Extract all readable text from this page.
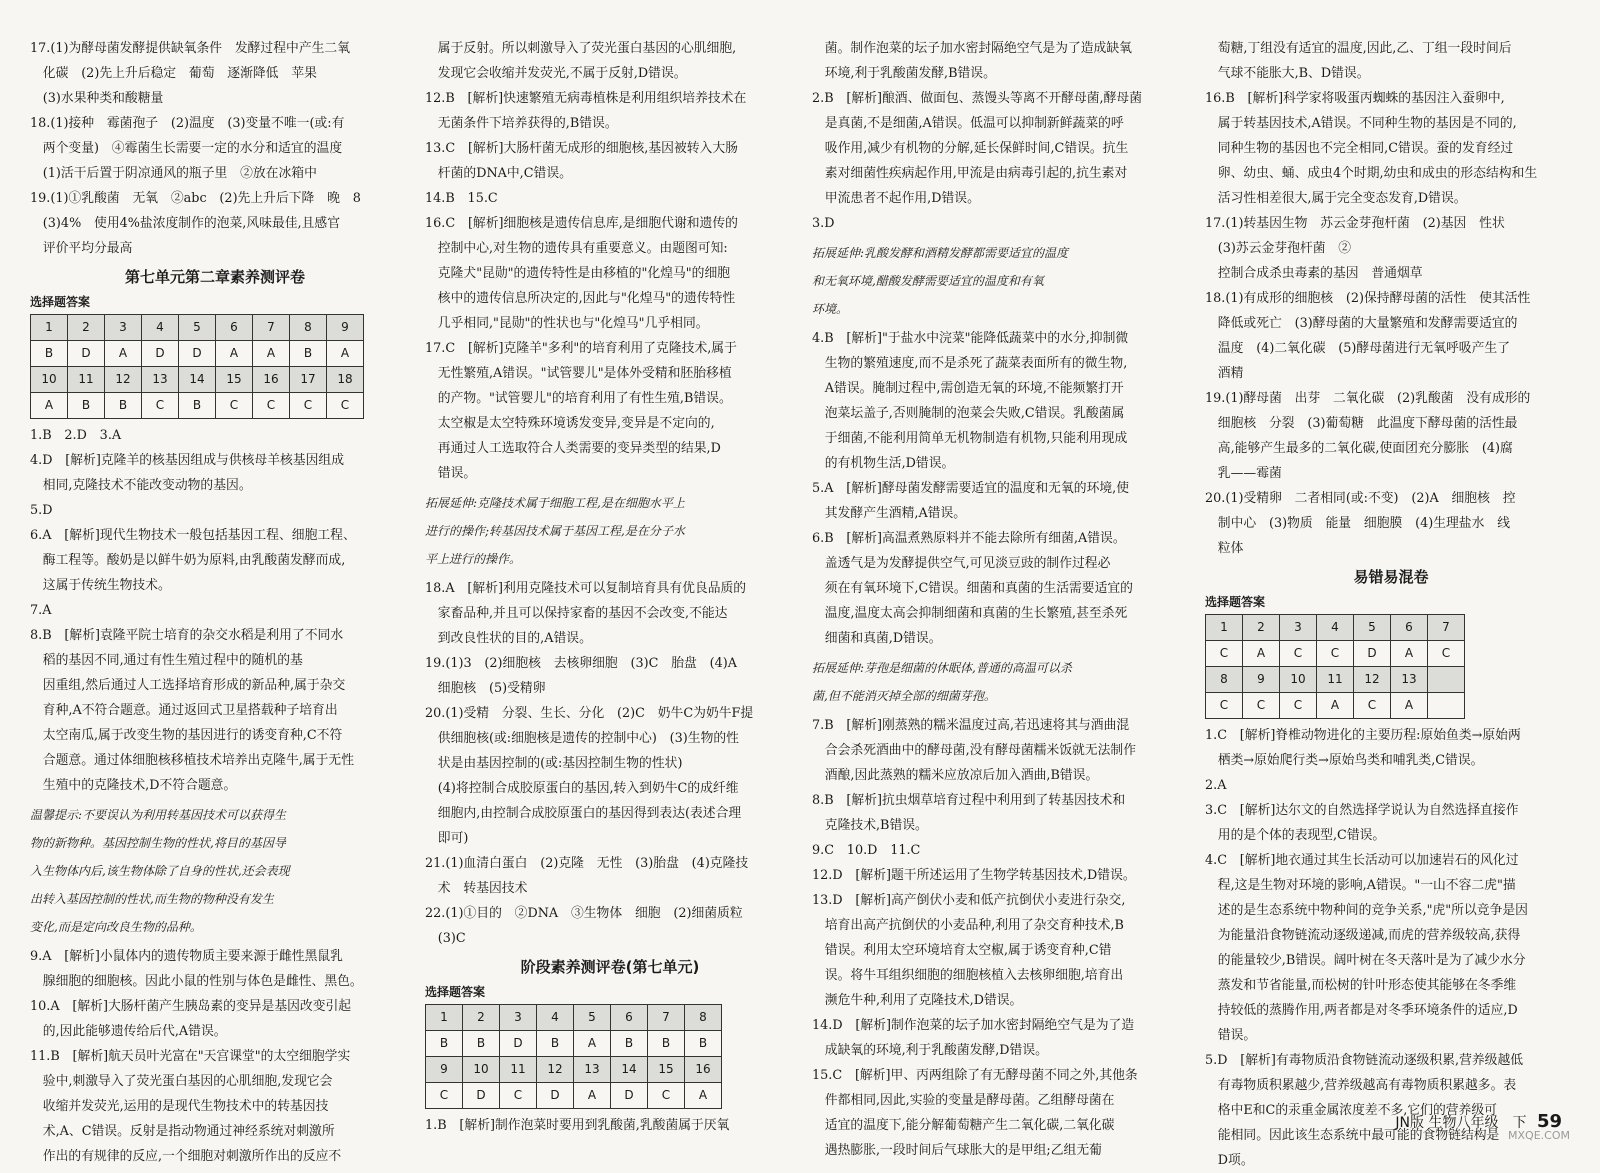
17.(1)为酵母菌发酵提供缺氧条件　发酵过程中产生二氧
　化碳　(2)先上升后稳定　葡萄　逐渐降低　苹果
　(3)水果种类和酸糖量
18.(1)接种　霉菌孢子　(2)温度　(3)变量不唯一(或:有
　两个变量)　④霉菌生长需要一定的水分和适宜的温度
　(1)活干后置于阴凉通风的瓶子里　②放在冰箱中
19.(1)①乳酸菌　无氧　②abc　(2)先上升后下降　晚　8
　(3)4%　使用4%盐浓度制作的泡菜,风味最佳,且感官
　评价平均分最高
第七单元第二章素养测评卷
选择题答案
1	2	3	4	5	6	7	8	9
B	D	A	D	D	A	A	B	A
10	11	12	13	14	15	16	17	18
A	B	B	C	B	C	C	C	C
1.B　2.D　3.A
4.D　[解析]克隆羊的核基因组成与供核母羊核基因组成
　相同,克隆技术不能改变动物的基因。
5.D
6.A　[解析]现代生物技术一般包括基因工程、细胞工程、
　酶工程等。酸奶是以鲜牛奶为原料,由乳酸菌发酵而成,
　这属于传统生物技术。
7.A
8.B　[解析]袁隆平院士培育的杂交水稻是利用了不同水
　稻的基因不同,通过有性生殖过程中的随机的基
　因重组,然后通过人工选择培育形成的新品种,属于杂交
　育种,A不符合题意。通过返回式卫星搭载种子培育出
　太空南瓜,属于改变生物的基因进行的诱变育种,C不符
　合题意。通过体细胞核移植技术培养出克隆牛,属于无性
　生殖中的克隆技术,D不符合题意。
温馨提示:不要误认为利用转基因技术可以获得生
物的新物种。基因控制生物的性状,将目的基因导
入生物体内后,该生物体除了自身的性状,还会表现
出转入基因控制的性状,而生物的物种没有发生
变化,而是定向改良生物的品种。
9.A　[解析]小鼠体内的遗传物质主要来源于雌性黑鼠乳
　腺细胞的细胞核。因此小鼠的性别与体色是雌性、黑色。
10.A　[解析]大肠杆菌产生胰岛素的变异是基因改变引起
　的,因此能够遗传给后代,A错误。
11.B　[解析]航天员叶光富在"天宫课堂"的太空细胞学实
　验中,刺激导入了荧光蛋白基因的心肌细胞,发现它会
　收缩并发荧光,运用的是现代生物技术中的转基因技
　术,A、C错误。反射是指动物通过神经系统对刺激所
　作出的有规律的反应,一个细胞对刺激所作出的反应不
　属于反射。所以刺激导入了荧光蛋白基因的心肌细胞,
　发现它会收缩并发荧光,不属于反射,D错误。
12.B　[解析]快速繁殖无病毒植株是利用组织培养技术在
　无菌条件下培养获得的,B错误。
13.C　[解析]大肠杆菌无成形的细胞核,基因被转入大肠
　杆菌的DNA中,C错误。
14.B　15.C
16.C　[解析]细胞核是遗传信息库,是细胞代谢和遗传的
　控制中心,对生物的遗传具有重要意义。由题图可知:
　克隆犬"昆勋"的遗传特性是由移植的"化煌马"的细胞
　核中的遗传信息所决定的,因此与"化煌马"的遗传特性
　几乎相同,"昆勋"的性状也与"化煌马"几乎相同。
17.C　[解析]克隆羊"多利"的培育利用了克隆技术,属于
　无性繁殖,A错误。"试管婴儿"是体外受精和胚胎移植
　的产物。"试管婴儿"的培育利用了有性生殖,B错误。
　太空椒是太空特殊环境诱发变异,变异是不定向的,
　再通过人工选取符合人类需要的变异类型的结果,D
　错误。
拓展延伸:克隆技术属于细胞工程,是在细胞水平上
进行的操作;转基因技术属于基因工程,是在分子水
平上进行的操作。
18.A　[解析]利用克隆技术可以复制培育具有优良品质的
　家畜品种,并且可以保持家畜的基因不会改变,不能达
　到改良性状的目的,A错误。
19.(1)3　(2)细胞核　去核卵细胞　(3)C　胎盘　(4)A
　细胞核　(5)受精卵
20.(1)受精　分裂、生长、分化　(2)C　奶牛C为奶牛F提
　供细胞核(或:细胞核是遗传的控制中心)　(3)生物的性
　状是由基因控制的(或:基因控制生物的性状)
　(4)将控制合成胶原蛋白的基因,转入到奶牛C的成纤维
　细胞内,由控制合成胶原蛋白的基因得到表达(表述合理
　即可)
21.(1)血清白蛋白　(2)克隆　无性　(3)胎盘　(4)克隆技
　术　转基因技术
22.(1)①目的　②DNA　③生物体　细胞　(2)细菌质粒
　(3)C
阶段素养测评卷(第七单元)
选择题答案
1	2	3	4	5	6	7	8
B	B	D	B	A	B	B	B
9	10	11	12	13	14	15	16
C	D	C	D	A	D	C	A
1.B　[解析]制作泡菜时要用到乳酸菌,乳酸菌属于厌氧
　菌。制作泡菜的坛子加水密封隔绝空气是为了造成缺氧
　环境,利于乳酸菌发酵,B错误。
2.B　[解析]酿酒、做面包、蒸馒头等离不开酵母菌,酵母菌
　是真菌,不是细菌,A错误。低温可以抑制新鲜蔬菜的呼
　吸作用,减少有机物的分解,延长保鲜时间,C错误。抗生
　素对细菌性疾病起作用,甲流是由病毒引起的,抗生素对
　甲流患者不起作用,D错误。
3.D
拓展延伸:乳酸发酵和酒精发酵都需要适宜的温度
和无氧环境,醋酸发酵需要适宜的温度和有氧
环境。
4.B　[解析]"于盐水中浣菜"能降低蔬菜中的水分,抑制微
　生物的繁殖速度,而不是杀死了蔬菜表面所有的微生物,
　A错误。腌制过程中,需创造无氧的环境,不能频繁打开
　泡菜坛盖子,否则腌制的泡菜会失败,C错误。乳酸菌属
　于细菌,不能利用简单无机物制造有机物,只能利用现成
　的有机物生活,D错误。
5.A　[解析]酵母菌发酵需要适宜的温度和无氧的环境,使
　其发酵产生酒精,A错误。
6.B　[解析]高温煮熟原料并不能去除所有细菌,A错误。
　盖透气是为发酵提供空气,可见淡豆豉的制作过程必
　须在有氧环境下,C错误。细菌和真菌的生活需要适宜的
　温度,温度太高会抑制细菌和真菌的生长繁殖,甚至杀死
　细菌和真菌,D错误。
拓展延伸:芽孢是细菌的休眠体,普通的高温可以杀
菌,但不能消灭掉全部的细菌芽孢。
7.B　[解析]刚蒸熟的糯米温度过高,若迅速将其与酒曲混
　合会杀死酒曲中的酵母菌,没有酵母菌糯米饭就无法制作
　酒酿,因此蒸熟的糯米应放凉后加入酒曲,B错误。
8.B　[解析]抗虫烟草培育过程中利用到了转基因技术和
　克隆技术,B错误。
9.C　10.D　11.C
12.D　[解析]题干所述运用了生物学转基因技术,D错误。
13.D　[解析]高产倒伏小麦和低产抗倒伏小麦进行杂交,
　培育出高产抗倒伏的小麦品种,利用了杂交育种技术,B
　错误。利用太空环境培育太空椒,属于诱变育种,C错
　误。将牛耳组织细胞的细胞核植入去核卵细胞,培育出
　濒危牛种,利用了克隆技术,D错误。
14.D　[解析]制作泡菜的坛子加水密封隔绝空气是为了造
　成缺氧的环境,利于乳酸菌发酵,D错误。
15.C　[解析]甲、丙两组除了有无酵母菌不同之外,其他条
　件都相同,因此,实验的变量是酵母菌。乙组酵母菌在
　适宜的温度下,能分解葡萄糖产生二氧化碳,二氧化碳
　遇热膨胀,一段时间后气球胀大的是甲组;乙组无葡
　萄糖,丁组没有适宜的温度,因此,乙、丁组一段时间后
　气球不能胀大,B、D错误。
16.B　[解析]科学家将吸蛋丙蜘蛛的基因注入蚕卵中,
　属于转基因技术,A错误。不同种生物的基因是不同的,
　同种生物的基因也不完全相同,C错误。蚕的发育经过
　卵、幼虫、蛹、成虫4个时期,幼虫和成虫的形态结构和生
　活习性相差很大,属于完全变态发育,D错误。
17.(1)转基因生物　苏云金芽孢杆菌　(2)基因　性状
　(3)苏云金芽孢杆菌　②
　控制合成杀虫毒素的基因　普通烟草
18.(1)有成形的细胞核　(2)保持酵母菌的活性　使其活性
　降低或死亡　(3)酵母菌的大量繁殖和发酵需要适宜的
　温度　(4)二氧化碳　(5)酵母菌进行无氧呼吸产生了
　酒精
19.(1)酵母菌　出芽　二氧化碳　(2)乳酸菌　没有成形的
　细胞核　分裂　(3)葡萄糖　此温度下酵母菌的活性最
　高,能够产生最多的二氧化碳,使面团充分膨胀　(4)腐
　乳——霉菌
20.(1)受精卵　二者相同(或:不变)　(2)A　细胞核　控
　制中心　(3)物质　能量　细胞膜　(4)生理盐水　线
　粒体
易错易混卷
选择题答案
1	2	3	4	5	6	7
C	A	C	C	D	A	C
8	9	10	11	12	13	
C	C	C	A	C	A	
1.C　[解析]脊椎动物进化的主要历程:原始鱼类→原始两
　栖类→原始爬行类→原始鸟类和哺乳类,C错误。
2.A
3.C　[解析]达尔文的自然选择学说认为自然选择直接作
　用的是个体的表现型,C错误。
4.C　[解析]地衣通过其生长活动可以加速岩石的风化过
　程,这是生物对环境的影响,A错误。"一山不容二虎"描
　述的是生态系统中物种间的竞争关系,"虎"所以竞争是因
　为能量沿食物链流动逐级递减,而虎的营养级较高,获得
　的能量较少,B错误。阔叶树在冬天落叶是为了减少水分
　蒸发和节省能量,而松树的针叶形态使其能够在冬季维
　持较低的蒸腾作用,两者都是对冬季环境条件的适应,D
　错误。
5.D　[解析]有毒物质沿食物链流动逐级积累,营养级越低
　有毒物质积累越少,营养级越高有毒物质积累越多。表
　格中E和C的汞重金属浓度差不多,它们的营养级可
　能相同。因此该生态系统中最可能的食物链结构是
　D项。
JN版 生物八年级　下 59
MXQE.COM
